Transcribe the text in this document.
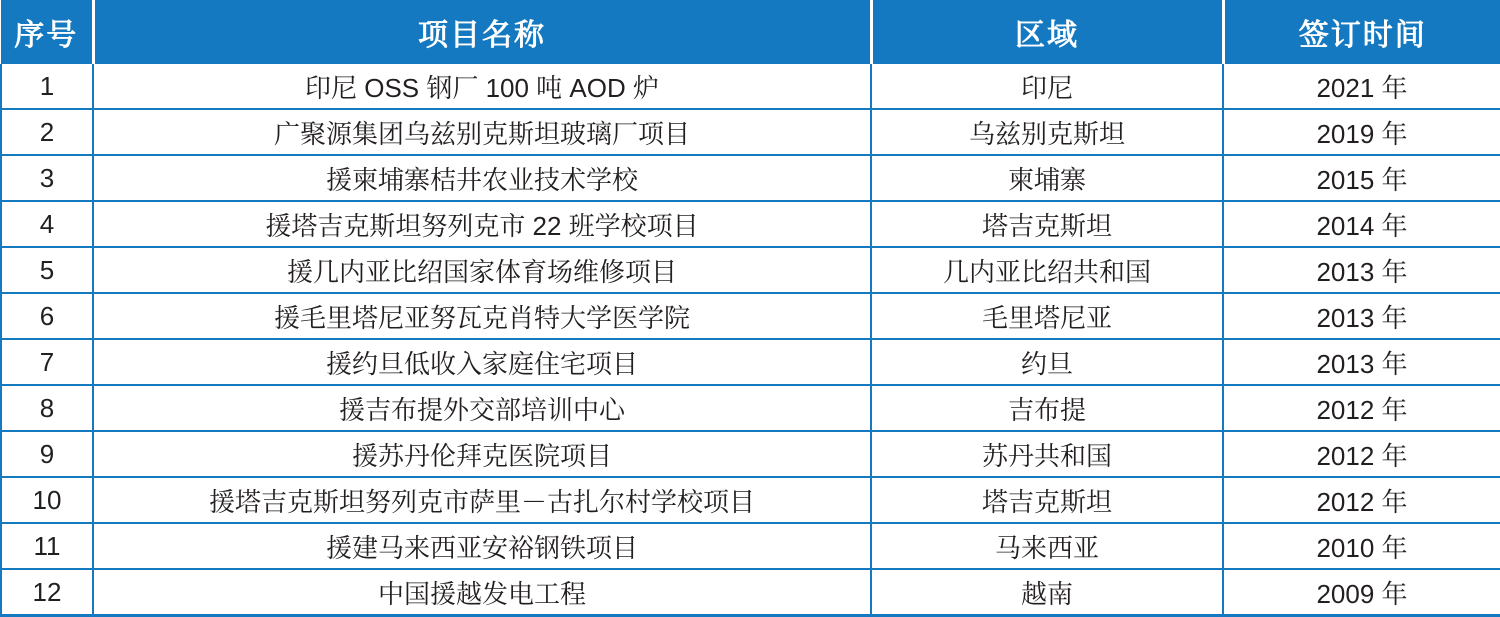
序号	项目名称	区域	签订时间
1	印尼 OSS 钢厂 100 吨 AOD 炉	印尼	2021 年
2	广聚源集团乌兹别克斯坦玻璃厂项目	乌兹别克斯坦	2019 年
3	援柬埔寨桔井农业技术学校	柬埔寨	2015 年
4	援塔吉克斯坦努列克市 22 班学校项目	塔吉克斯坦	2014 年
5	援几内亚比绍国家体育场维修项目	几内亚比绍共和国	2013 年
6	援毛里塔尼亚努瓦克肖特大学医学院	毛里塔尼亚	2013 年
7	援约旦低收入家庭住宅项目	约旦	2013 年
8	援吉布提外交部培训中心	吉布提	2012 年
9	援苏丹伦拜克医院项目	苏丹共和国	2012 年
10	援塔吉克斯坦努列克市萨里－古扎尔村学校项目	塔吉克斯坦	2012 年
11	援建马来西亚安裕钢铁项目	马来西亚	2010 年
12	中国援越发电工程	越南	2009 年
